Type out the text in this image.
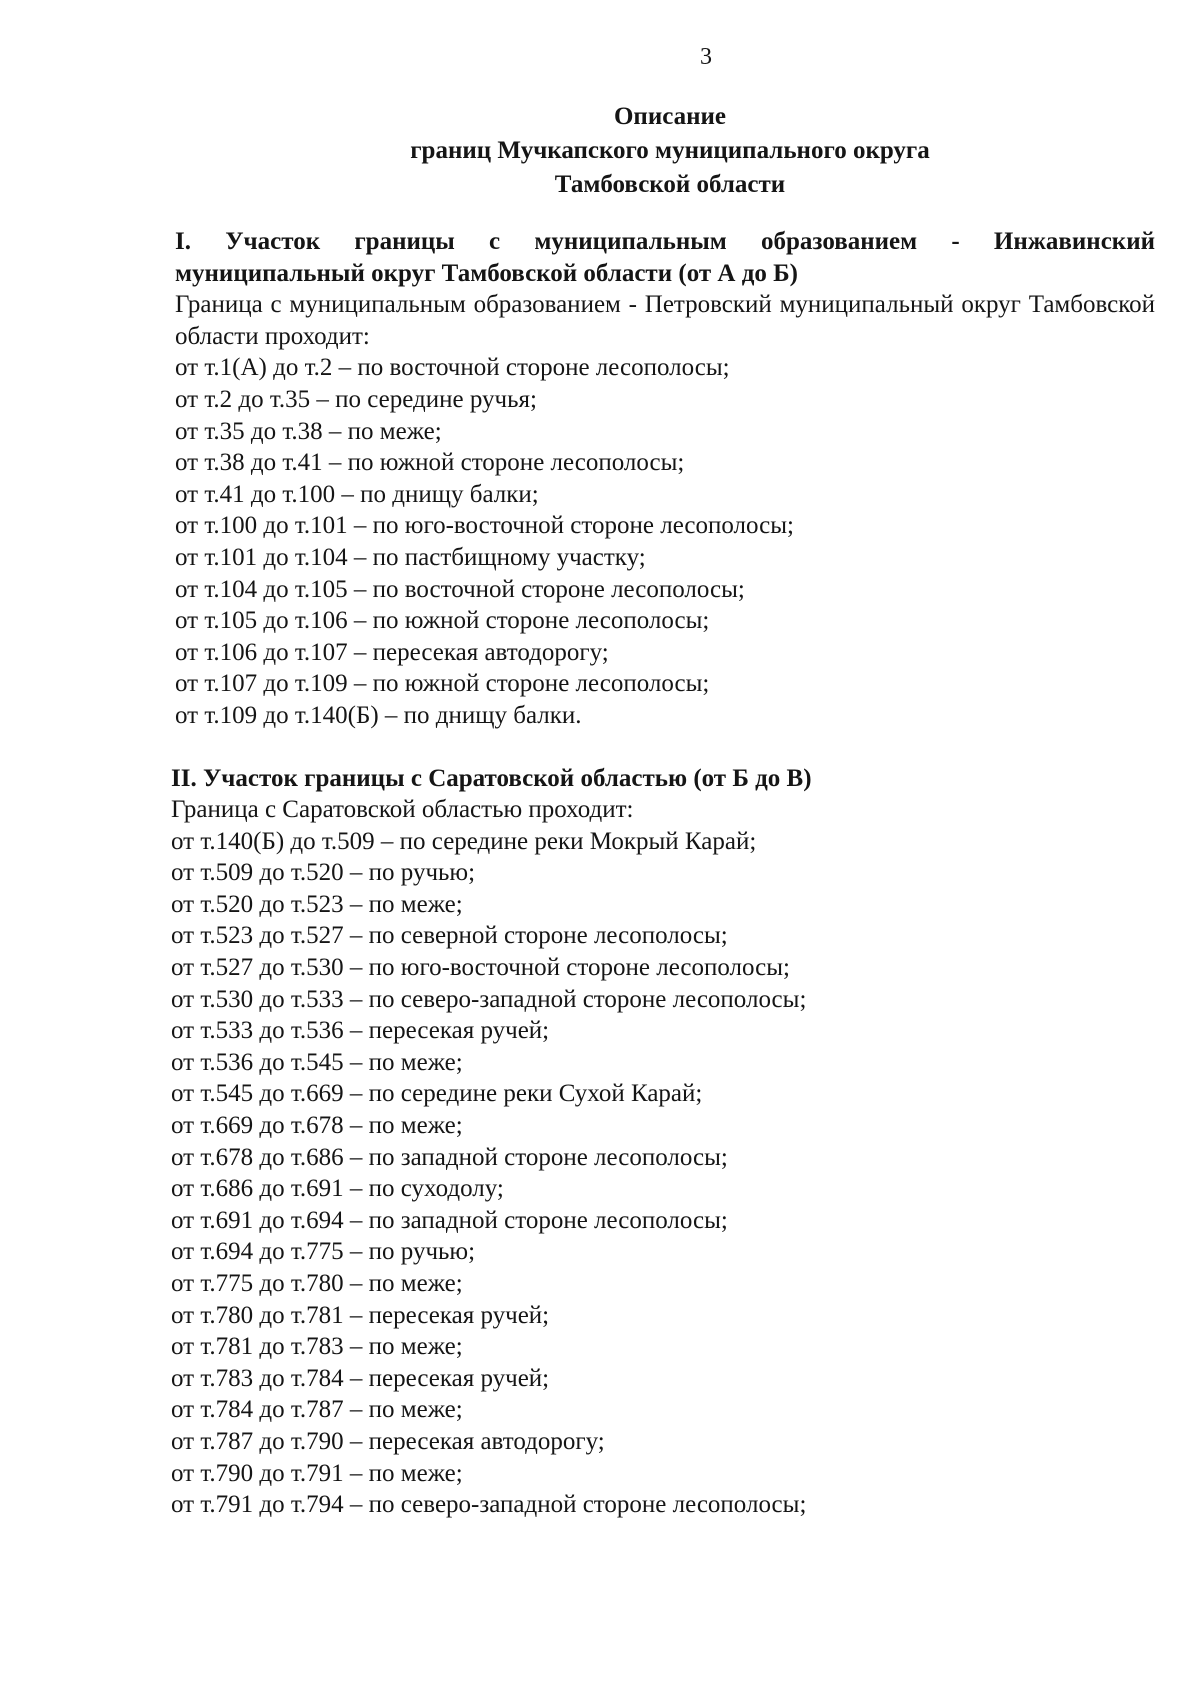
3
Описание
границ Мучкапского муниципального округа
Тамбовской области
I. Участок границы с муниципальным образованием - Инжавинский муниципальный округ Тамбовской области (от А до Б)
Граница с муниципальным образованием - Петровский муниципальный округ Тамбовской области проходит:
от т.1(А) до т.2 – по восточной стороне лесополосы;
от т.2 до т.35 – по середине ручья;
от т.35 до т.38 – по меже;
от т.38 до т.41 – по южной стороне лесополосы;
от т.41 до т.100 – по днищу балки;
от т.100 до т.101 – по юго-восточной стороне лесополосы;
от т.101 до т.104 – по пастбищному участку;
от т.104 до т.105 – по восточной стороне лесополосы;
от т.105 до т.106 – по южной стороне лесополосы;
от т.106 до т.107 – пересекая автодорогу;
от т.107 до т.109 – по южной стороне лесополосы;
от т.109 до т.140(Б) – по днищу балки.
II. Участок границы с Саратовской областью (от Б до В)
Граница с Саратовской областью проходит:
от т.140(Б) до т.509 – по середине реки Мокрый Карай;
от т.509 до т.520 – по ручью;
от т.520 до т.523 – по меже;
от т.523 до т.527 – по северной стороне лесополосы;
от т.527 до т.530 – по юго-восточной стороне лесополосы;
от т.530 до т.533 – по северо-западной стороне лесополосы;
от т.533 до т.536 – пересекая ручей;
от т.536 до т.545 – по меже;
от т.545 до т.669 – по середине реки Сухой Карай;
от т.669 до т.678 – по меже;
от т.678 до т.686 – по западной стороне лесополосы;
от т.686 до т.691 – по суходолу;
от т.691 до т.694 – по западной стороне лесополосы;
от т.694 до т.775 – по ручью;
от т.775 до т.780 – по меже;
от т.780 до т.781 – пересекая ручей;
от т.781 до т.783 – по меже;
от т.783 до т.784 – пересекая ручей;
от т.784 до т.787 – по меже;
от т.787 до т.790 – пересекая автодорогу;
от т.790 до т.791 – по меже;
от т.791 до т.794 – по северо-западной стороне лесополосы;
